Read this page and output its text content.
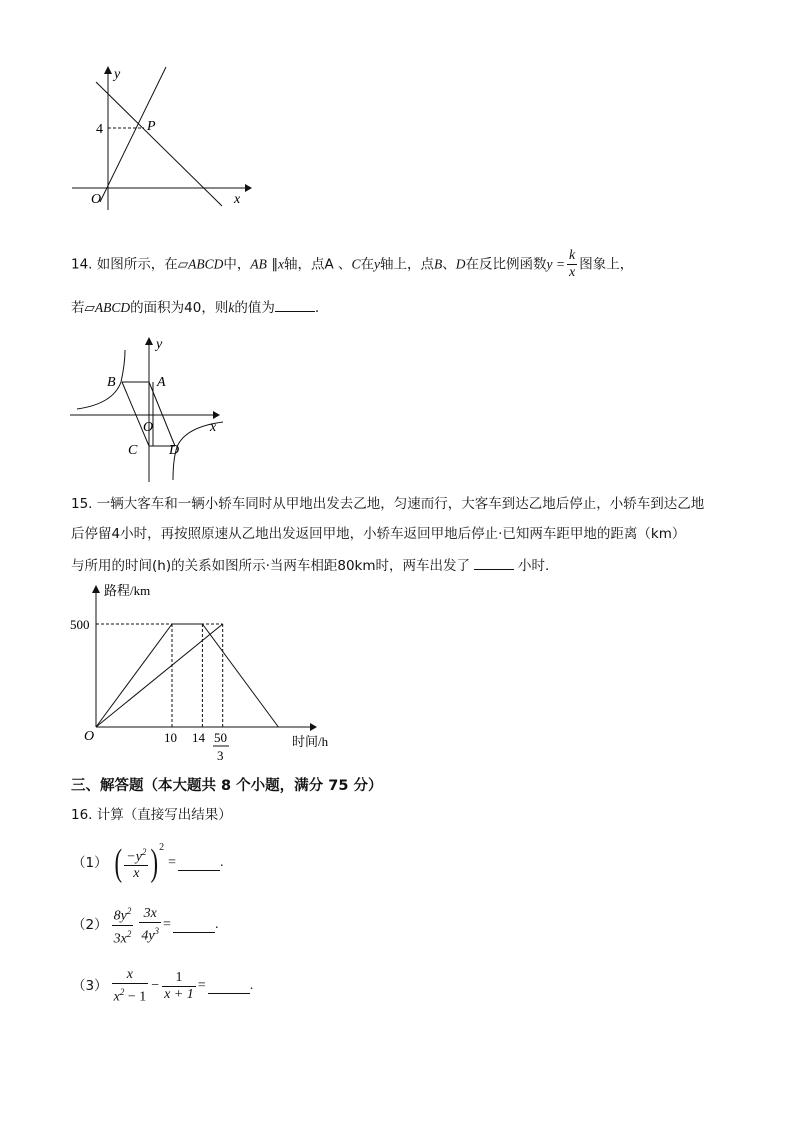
y
4	P
O	x
14. 如图所示，在▱ABCD中，AB ∥x轴，点A 、C在y轴上，点B、D在反比例函数$y = \frac{k}{x}$ 图象上，
若▱ABCD的面积为40，则k的值为	.
B	A
y
O	x
C D
15. 一辆大客车和一辆小轿车同时从甲地出发去乙地，匀速而行，大客车到达乙地后停止，小轿车到达乙地
后停留4小时，再按照原速从乙地出发返回甲地，小轿车返回甲地后停止·已知两车距甲地的距离（km）
与所用的时间(h)的关系如图所示·当两车相距80km时，两车出发了	小时.
路程/km
时间/h
O
500
10 14 50
3
三、解答题（本大题共 8 个小题，满分 75 分）
16. 计算（直接写出结果）
（1） ( $\frac{-y^2}{x} )^2$
=	.
$(2) \frac{8y^2}{3x^2} \frac{3x}{4y^3}$ =	.
$(3) \frac{x}{x^2 - 1} - \frac{1}{x + 1}$ =	.
